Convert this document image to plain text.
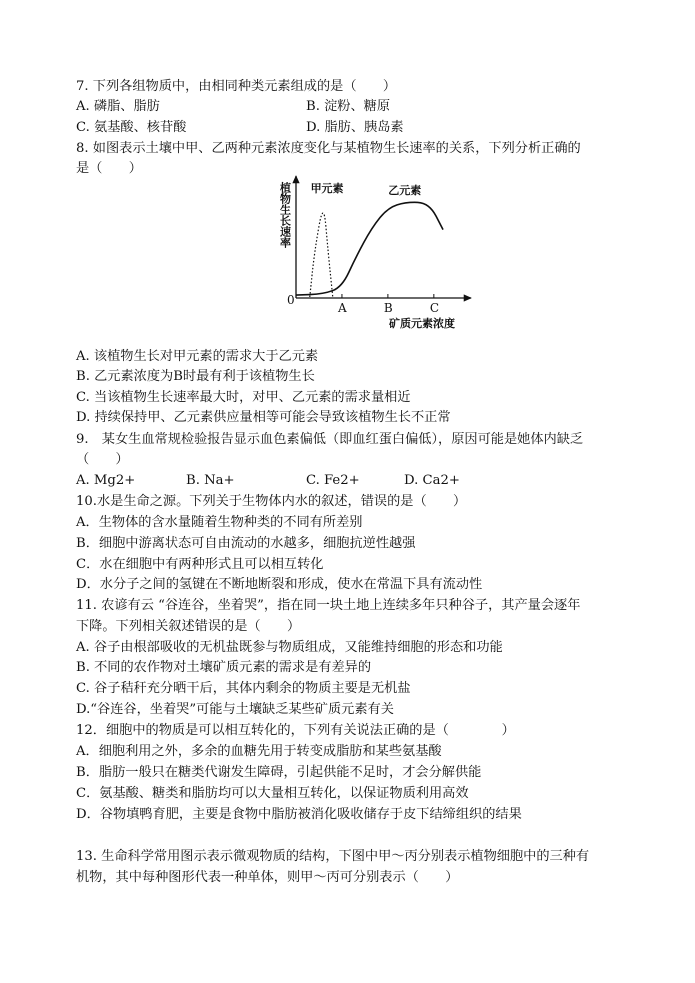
7. 下列各组物质中，由相同种类元素组成的是（　　）
A. 磷脂、脂肪	B. 淀粉、糖原
C. 氨基酸、核苷酸	D. 脂肪、胰岛素
8. 如图表示土壤中甲、乙两种元素浓度变化与某植物生长速率的关系，下列分析正确的
是（　　）
植物生长速率
矿质元素浓度
0
甲元素	乙元素
A	B	C
A. 该植物生长对甲元素的需求大于乙元素
B. 乙元素浓度为B时最有利于该植物生长
C. 当该植物生长速率最大时，对甲、乙元素的需求量相近
D. 持续保持甲、乙元素供应量相等可能会导致该植物生长不正常
9.　某女生血常规检验报告显示血色素偏低（即血红蛋白偏低），原因可能是她体内缺乏
（　　）
A. Mg2+	B. Na+	C. Fe2+	D. Ca2+
10.水是生命之源。下列关于生物体内水的叙述，错误的是（　　）
A．生物体的含水量随着生物种类的不同有所差别
B．细胞中游离状态可自由流动的水越多，细胞抗逆性越强
C．水在细胞中有两种形式且可以相互转化
D．水分子之间的氢键在不断地断裂和形成，使水在常温下具有流动性
11. 农谚有云 “谷连谷，坐着哭”，指在同一块土地上连续多年只种谷子，其产量会逐年
下降。下列相关叙述错误的是（　　）
A. 谷子由根部吸收的无机盐既参与物质组成，又能维持细胞的形态和功能
B. 不同的农作物对土壤矿质元素的需求是有差异的
C. 谷子秸秆充分晒干后，其体内剩余的物质主要是无机盐
D.“谷连谷，坐着哭”可能与土壤缺乏某些矿质元素有关
12．细胞中的物质是可以相互转化的，下列有关说法正确的是（　　　　）
A．细胞利用之外，多余的血糖先用于转变成脂肪和某些氨基酸
B．脂肪一般只在糖类代谢发生障碍，引起供能不足时，才会分解供能
C．氨基酸、糖类和脂肪均可以大量相互转化，以保证物质利用高效
D．谷物填鸭育肥，主要是食物中脂肪被消化吸收储存于皮下结缔组织的结果
13. 生命科学常用图示表示微观物质的结构，下图中甲～丙分别表示植物细胞中的三种有
机物，其中每种图形代表一种单体，则甲～丙可分别表示（　　）
